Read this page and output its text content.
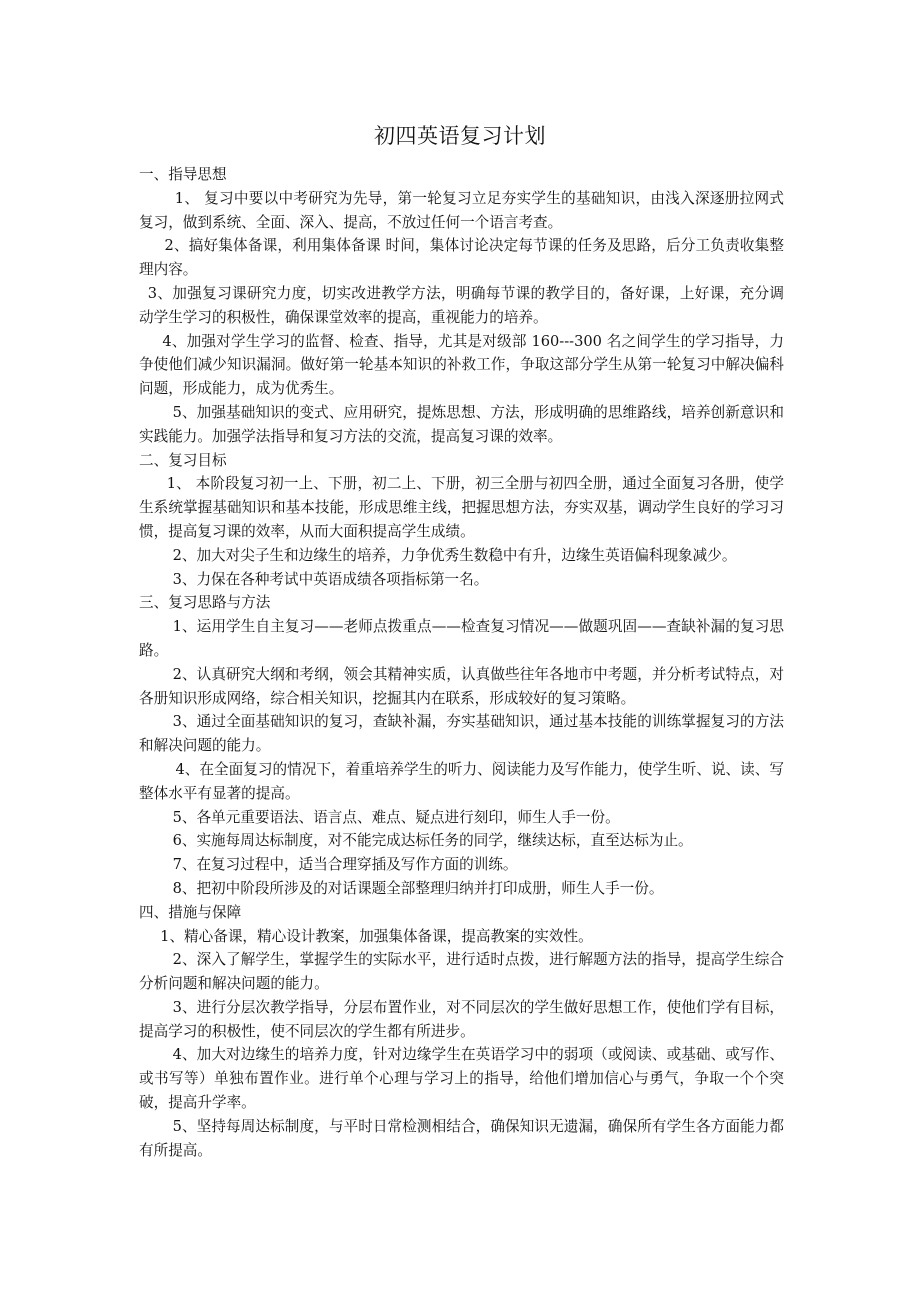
初四英语复习计划

一、指导思想

1、 复习中要以中考研究为先导，第一轮复习立足夯实学生的基础知识，由浅入深逐册拉网式复习，做到系统、全面、深入、提高，不放过任何一个语言考查。

2、搞好集体备课，利用集体备课 时间，集体讨论决定每节课的任务及思路，后分工负责收集整理内容。

3、加强复习课研究力度，切实改进教学方法，明确每节课的教学目的，备好课，上好课，充分调动学生学习的积极性，确保课堂效率的提高，重视能力的培养。

4、加强对学生学习的监督、检查、指导，尤其是对级部 160---300 名之间学生的学习指导，力争使他们减少知识漏洞。做好第一轮基本知识的补救工作，争取这部分学生从第一轮复习中解决偏科问题，形成能力，成为优秀生。

5、加强基础知识的变式、应用研究，提炼思想、方法，形成明确的思维路线，培养创新意识和实践能力。加强学法指导和复习方法的交流，提高复习课的效率。

二、复习目标

1、 本阶段复习初一上、下册，初二上、下册，初三全册与初四全册，通过全面复习各册，使学生系统掌握基础知识和基本技能，形成思维主线，把握思想方法，夯实双基，调动学生良好的学习习惯，提高复习课的效率，从而大面积提高学生成绩。

2、加大对尖子生和边缘生的培养，力争优秀生数稳中有升，边缘生英语偏科现象减少。

3、力保在各种考试中英语成绩各项指标第一名。

三、复习思路与方法

1、运用学生自主复习——老师点拨重点——检查复习情况——做题巩固——查缺补漏的复习思路。

2、认真研究大纲和考纲，领会其精神实质，认真做些往年各地市中考题，并分析考试特点，对各册知识形成网络，综合相关知识，挖掘其内在联系，形成较好的复习策略。

3、通过全面基础知识的复习，查缺补漏，夯实基础知识，通过基本技能的训练掌握复习的方法和解决问题的能力。

4、在全面复习的情况下，着重培养学生的听力、阅读能力及写作能力，使学生听、说、读、写整体水平有显著的提高。

5、各单元重要语法、语言点、难点、疑点进行刻印，师生人手一份。

6、实施每周达标制度，对不能完成达标任务的同学，继续达标，直至达标为止。

7、在复习过程中，适当合理穿插及写作方面的训练。

8、把初中阶段所涉及的对话课题全部整理归纳并打印成册，师生人手一份。

四、措施与保障

1、精心备课，精心设计教案，加强集体备课，提高教案的实效性。

2、深入了解学生，掌握学生的实际水平，进行适时点拨，进行解题方法的指导，提高学生综合分析问题和解决问题的能力。

3、进行分层次教学指导，分层布置作业，对不同层次的学生做好思想工作，使他们学有目标，提高学习的积极性，使不同层次的学生都有所进步。

4、加大对边缘生的培养力度，针对边缘学生在英语学习中的弱项（或阅读、或基础、或写作、或书写等）单独布置作业。进行单个心理与学习上的指导，给他们增加信心与勇气，争取一个个突破，提高升学率。

5、坚持每周达标制度，与平时日常检测相结合，确保知识无遗漏，确保所有学生各方面能力都有所提高。
